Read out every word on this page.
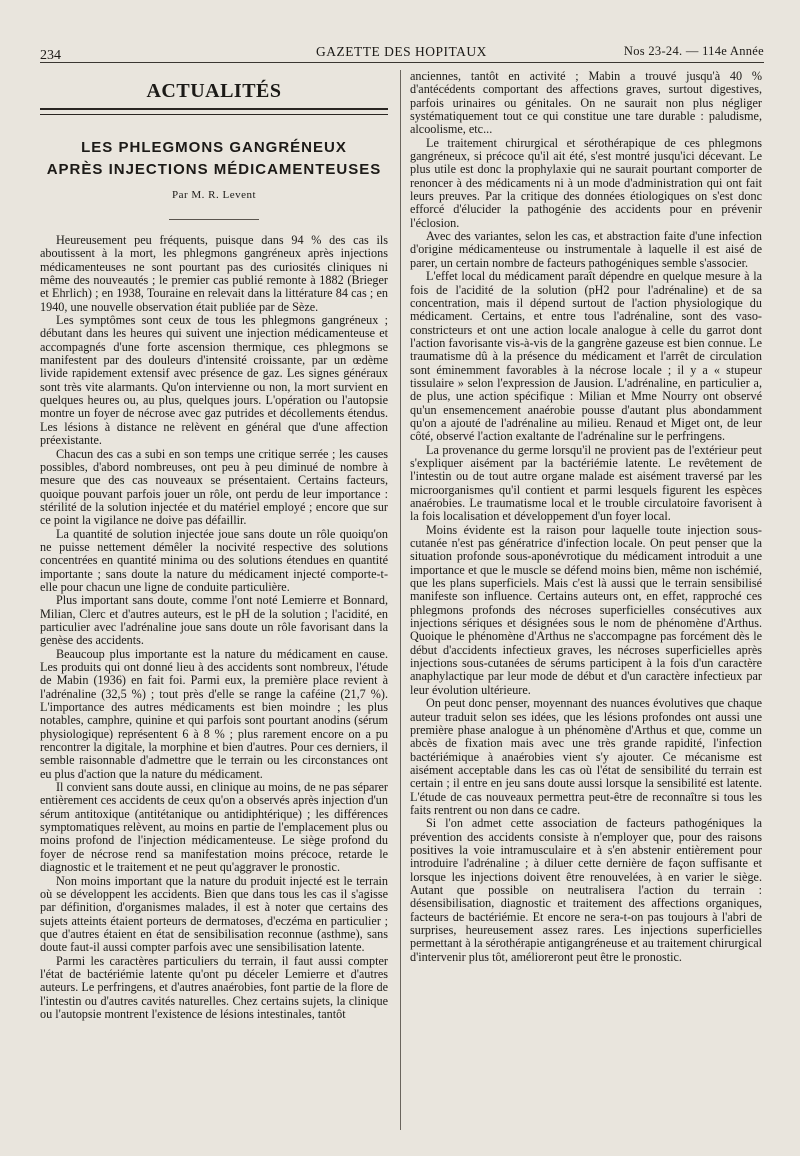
234	GAZETTE DES HOPITAUX	Nos 23-24. — 114e Année
ACTUALITÉS
LES PHLEGMONS GANGRÉNEUX
APRÈS INJECTIONS MÉDICAMENTEUSES
Par M. R. Levent

Heureusement peu fréquents, puisque dans 94 % des cas ils aboutissent à la mort, les phlegmons gangréneux après injections médicamenteuses ne sont pourtant pas des curiosités cliniques ni même des nouveautés ; le premier cas publié remonte à 1882 (Brieger et Ehrlich) ; en 1938, Touraine en relevait dans la littérature 84 cas ; en 1940, une nouvelle observation était publiée par de Sèze.

Les symptômes sont ceux de tous les phlegmons gangréneux ; débutant dans les heures qui suivent une injection médicamenteuse et accompagnés d'une forte ascension thermique, ces phlegmons se manifestent par des douleurs d'intensité croissante, par un œdème livide rapidement extensif avec présence de gaz. Les signes généraux sont très vite alarmants. Qu'on intervienne ou non, la mort survient en quelques heures ou, au plus, quelques jours. L'opération ou l'autopsie montre un foyer de nécrose avec gaz putrides et décollements étendus. Les lésions à distance ne relèvent en général que d'une affection préexistante.

Chacun des cas a subi en son temps une critique serrée ; les causes possibles, d'abord nombreuses, ont peu à peu diminué de nombre à mesure que des cas nouveaux se présentaient. Certains facteurs, quoique pouvant parfois jouer un rôle, ont perdu de leur importance : stérilité de la solution injectée et du matériel employé ; encore que sur ce point la vigilance ne doive pas défaillir.

La quantité de solution injectée joue sans doute un rôle quoiqu'on ne puisse nettement démêler la nocivité respective des solutions concentrées en quantité minima ou des solutions étendues en quantité importante ; sans doute la nature du médicament injecté comporte-t-elle pour chacun une ligne de conduite particulière.

Plus important sans doute, comme l'ont noté Lemierre et Bonnard, Milian, Clerc et d'autres auteurs, est le pH de la solution ; l'acidité, en particulier avec l'adrénaline joue sans doute un rôle favorisant dans la genèse des accidents.

Beaucoup plus importante est la nature du médicament en cause. Les produits qui ont donné lieu à des accidents sont nombreux, l'étude de Mabin (1936) en fait foi. Parmi eux, la première place revient à l'adrénaline (32,5 %) ; tout près d'elle se range la caféine (21,7 %). L'importance des autres médicaments est bien moindre ; les plus notables, camphre, quinine et qui parfois sont pourtant anodins (sérum physiologique) représentent 6 à 8 % ; plus rarement encore on a pu rencontrer la digitale, la morphine et bien d'autres. Pour ces derniers, il semble raisonnable d'admettre que le terrain ou les circonstances ont eu plus d'action que la nature du médicament.

Il convient sans doute aussi, en clinique au moins, de ne pas séparer entièrement ces accidents de ceux qu'on a observés après injection d'un sérum antitoxique (antitétanique ou antidiphtérique) ; les différences symptomatiques relèvent, au moins en partie de l'emplacement plus ou moins profond de l'injection médicamenteuse. Le siège profond du foyer de nécrose rend sa manifestation moins précoce, retarde le diagnostic et le traitement et ne peut qu'aggraver le pronostic.

Non moins important que la nature du produit injecté est le terrain où se développent les accidents. Bien que dans tous les cas il s'agisse par définition, d'organismes malades, il est à noter que certains des sujets atteints étaient porteurs de dermatoses, d'eczéma en particulier ; que d'autres étaient en état de sensibilisation reconnue (asthme), sans doute faut-il aussi compter parfois avec une sensibilisation latente.

Parmi les caractères particuliers du terrain, il faut aussi compter l'état de bactériémie latente qu'ont pu déceler Lemierre et d'autres auteurs. Le perfringens, et d'autres anaérobies, font partie de la flore de l'intestin ou d'autres cavités naturelles. Chez certains sujets, la clinique ou l'autopsie montrent l'existence de lésions intestinales, tantôt

anciennes, tantôt en activité ; Mabin a trouvé jusqu'à 40 % d'antécédents comportant des affections graves, surtout digestives, parfois urinaires ou génitales. On ne saurait non plus négliger systématiquement tout ce qui constitue une tare durable : paludisme, alcoolisme, etc...

Le traitement chirurgical et sérothérapique de ces phlegmons gangréneux, si précoce qu'il ait été, s'est montré jusqu'ici décevant. Le plus utile est donc la prophylaxie qui ne saurait pourtant comporter de renoncer à des médicaments ni à un mode d'administration qui ont fait leurs preuves. Par la critique des données étiologiques on s'est donc efforcé d'élucider la pathogénie des accidents pour en prévenir l'éclosion.

Avec des variantes, selon les cas, et abstraction faite d'une infection d'origine médicamenteuse ou instrumentale à laquelle il est aisé de parer, un certain nombre de facteurs pathogéniques semble s'associer.

L'effet local du médicament paraît dépendre en quelque mesure à la fois de l'acidité de la solution (pH2 pour l'adrénaline) et de sa concentration, mais il dépend surtout de l'action physiologique du médicament. Certains, et entre tous l'adrénaline, sont des vaso-constricteurs et ont une action locale analogue à celle du garrot dont l'action favorisante vis-à-vis de la gangrène gazeuse est bien connue. Le traumatisme dû à la présence du médicament et l'arrêt de circulation sont éminemment favorables à la nécrose locale ; il y a « stupeur tissulaire » selon l'expression de Jausion. L'adrénaline, en particulier a, de plus, une action spécifique : Milian et Mme Nourry ont observé qu'un ensemencement anaérobie pousse d'autant plus abondamment qu'on a ajouté de l'adrénaline au milieu. Renaud et Miget ont, de leur côté, observé l'action exaltante de l'adrénaline sur le perfringens.

La provenance du germe lorsqu'il ne provient pas de l'extérieur peut s'expliquer aisément par la bactériémie latente. Le revêtement de l'intestin ou de tout autre organe malade est aisément traversé par les microorganismes qu'il contient et parmi lesquels figurent les espèces anaérobies. Le traumatisme local et le trouble circulatoire favorisent à la fois localisation et développement d'un foyer local.

Moins évidente est la raison pour laquelle toute injection sous-cutanée n'est pas génératrice d'infection locale. On peut penser que la situation profonde sous-aponévrotique du médicament introduit a une importance et que le muscle se défend moins bien, même non ischémié, que les plans superficiels. Mais c'est là aussi que le terrain sensibilisé manifeste son influence. Certains auteurs ont, en effet, rapproché ces phlegmons profonds des nécroses superficielles consécutives aux injections sériques et désignées sous le nom de phénomène d'Arthus. Quoique le phénomène d'Arthus ne s'accompagne pas forcément dès le début d'accidents infectieux graves, les nécroses superficielles après injections sous-cutanées de sérums participent à la fois d'un caractère anaphylactique par leur mode de début et d'un caractère infectieux par leur évolution ultérieure.

On peut donc penser, moyennant des nuances évolutives que chaque auteur traduit selon ses idées, que les lésions profondes ont aussi une première phase analogue à un phénomène d'Arthus et que, comme un abcès de fixation mais avec une très grande rapidité, l'infection bactériémique à anaérobies vient s'y ajouter. Ce mécanisme est aisément acceptable dans les cas où l'état de sensibilité du terrain est certain ; il entre en jeu sans doute aussi lorsque la sensibilité est latente. L'étude de cas nouveaux permettra peut-être de reconnaître si tous les faits rentrent ou non dans ce cadre.

Si l'on admet cette association de facteurs pathogéniques la prévention des accidents consiste à n'employer que, pour des raisons positives la voie intramusculaire et à s'en abstenir entièrement pour introduire l'adrénaline ; à diluer cette dernière de façon suffisante et lorsque les injections doivent être renouvelées, à en varier le siège. Autant que possible on neutralisera l'action du terrain : désensibilisation, diagnostic et traitement des affections organiques, facteurs de bactériémie. Et encore ne sera-t-on pas toujours à l'abri de surprises, heureusement assez rares. Les injections superficielles permettant à la sérothérapie antigangréneuse et au traitement chirurgical d'intervenir plus tôt, amélioreront peut être le pronostic.
